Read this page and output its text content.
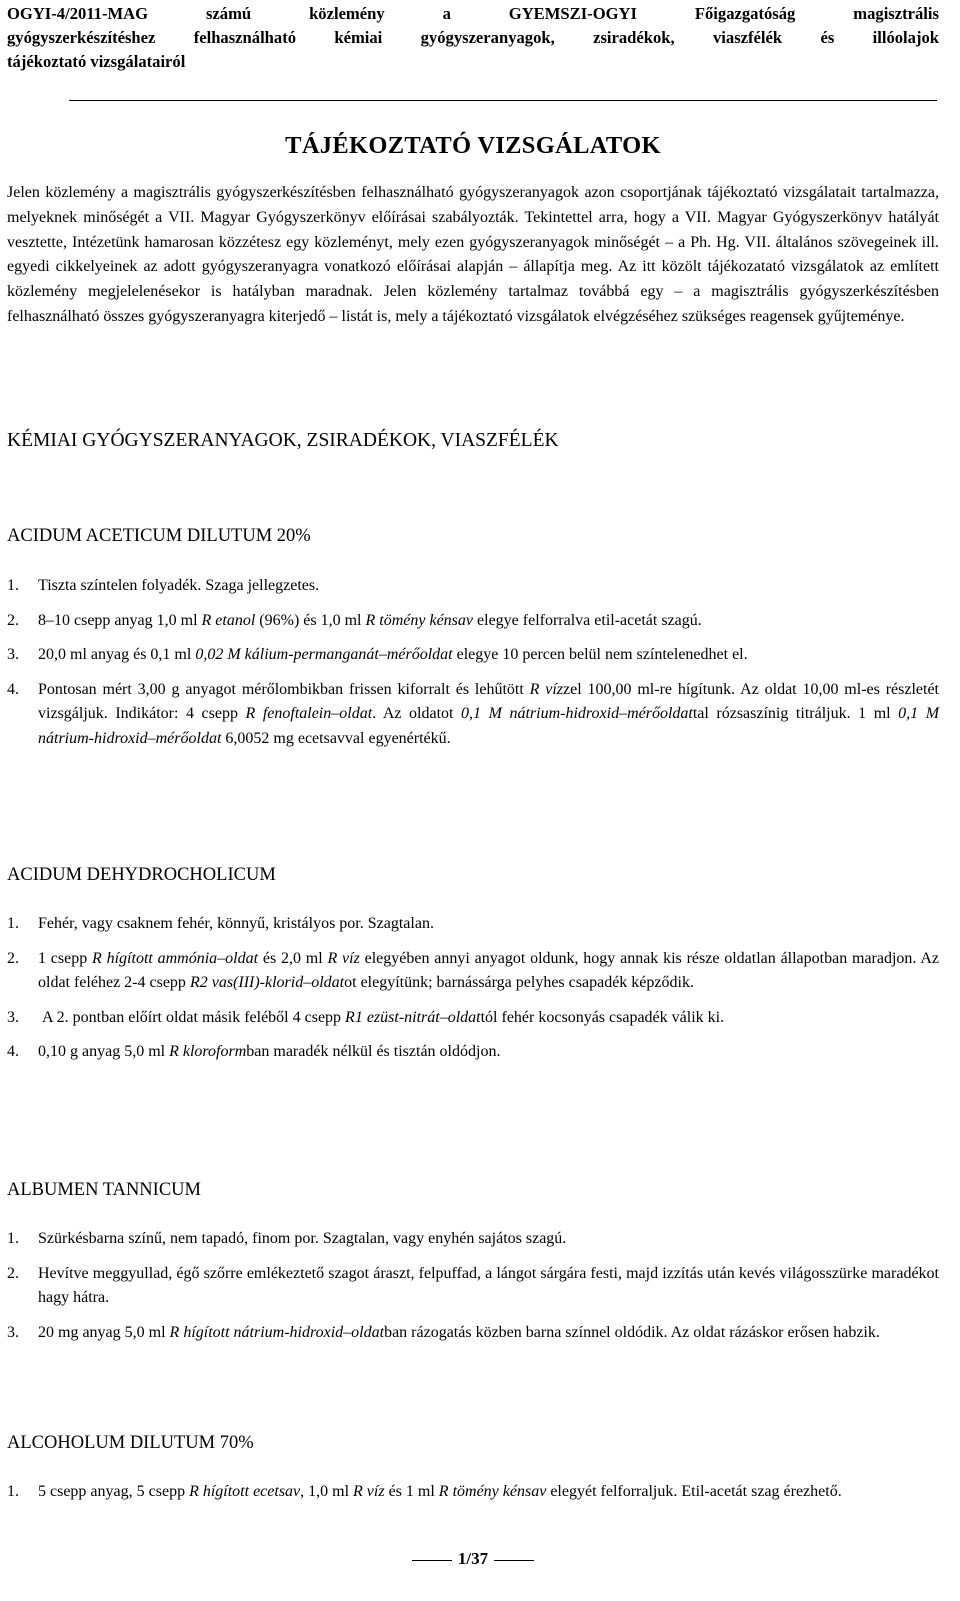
OGYI-4/2011-MAG számú közlemény a GYEMSZI-OGYI Főigazgatóság magisztrális
gyógyszerkészítéshez felhasználható kémiai gyógyszeranyagok, zsiradékok, viaszfélék és illóolajok
tájékoztató vizsgálatairól
TÁJÉKOZTATÓ VIZSGÁLATOK
Jelen közlemény a magisztrális gyógyszerkészítésben felhasználható gyógyszeranyagok azon csoportjának tájékoztató vizsgálatait tartalmazza, melyeknek minőségét a VII. Magyar Gyógyszerkönyv előírásai szabályozták. Tekintettel arra, hogy a VII. Magyar Gyógyszerkönyv hatályát vesztette, Intézetünk hamarosan közzétesz egy közleményt, mely ezen gyógyszeranyagok minőségét – a Ph. Hg. VII. általános szövegeinek ill. egyedi cikkelyeinek az adott gyógyszeranyagra vonatkozó előírásai alapján – állapítja meg. Az itt közölt tájékozatató vizsgálatok az említett közlemény megjelelenésekor is hatályban maradnak. Jelen közlemény tartalmaz továbbá egy – a magisztrális gyógyszerkészítésben felhasználható összes gyógyszeranyagra kiterjedő – listát is, mely a tájékoztató vizsgálatok elvégzéséhez szükséges reagensek gyűjteménye.
KÉMIAI GYÓGYSZERANYAGOK, ZSIRADÉKOK, VIASZFÉLÉK
ACIDUM ACETICUM DILUTUM 20%
1. Tiszta színtelen folyadék. Szaga jellegzetes.
2. 8–10 csepp anyag 1,0 ml R etanol (96%) és 1,0 ml R tömény kénsav elegye felforralva etil-acetát szagú.
3. 20,0 ml anyag és 0,1 ml 0,02 M kálium-permanganát–mérőoldat elegye 10 percen belül nem színtelenedhet el.
4. Pontosan mért 3,00 g anyagot mérőlombikban frissen kiforralt és lehűtött R vízzel 100,00 ml-re hígítunk. Az oldat 10,00 ml-es részletét vizsgáljuk. Indikátor: 4 csepp R fenoftalein–oldat. Az oldatot 0,1 M nátrium-hidroxid–mérőoldattal rózsaszínig titráljuk. 1 ml 0,1 M nátrium-hidroxid–mérőoldat 6,0052 mg ecetsavval egyenértékű.
ACIDUM DEHYDROCHOLICUM
1. Fehér, vagy csaknem fehér, könnyű, kristályos por. Szagtalan.
2. 1 csepp R hígított ammónia–oldat és 2,0 ml R víz elegyében annyi anyagot oldunk, hogy annak kis része oldatlan állapotban maradjon. Az oldat feléhez 2-4 csepp R2 vas(III)-klorid–oldatot elegyítünk; barnássárga pelyhes csapadék képződik.
3. A 2. pontban előírt oldat másik feléből 4 csepp R1 ezüst-nitrát–oldattól fehér kocsonyás csapadék válik ki.
4. 0,10 g anyag 5,0 ml R kloroformban maradék nélkül és tisztán oldódjon.
ALBUMEN TANNICUM
1. Szürkésbarna színű, nem tapadó, finom por. Szagtalan, vagy enyhén sajátos szagú.
2. Hevítve meggyullad, égő szőrre emlékeztető szagot áraszt, felpuffad, a lángot sárgára festi, majd izzítás után kevés világosszürke maradékot hagy hátra.
3. 20 mg anyag 5,0 ml R hígított nátrium-hidroxid–oldatban rázogatás közben barna színnel oldódik. Az oldat rázáskor erősen habzik.
ALCOHOLUM DILUTUM 70%
1. 5 csepp anyag, 5 csepp R hígított ecetsav, 1,0 ml R víz és 1 ml R tömény kénsav elegyét felforraljuk. Etil-acetát szag érezhető.
1/37
